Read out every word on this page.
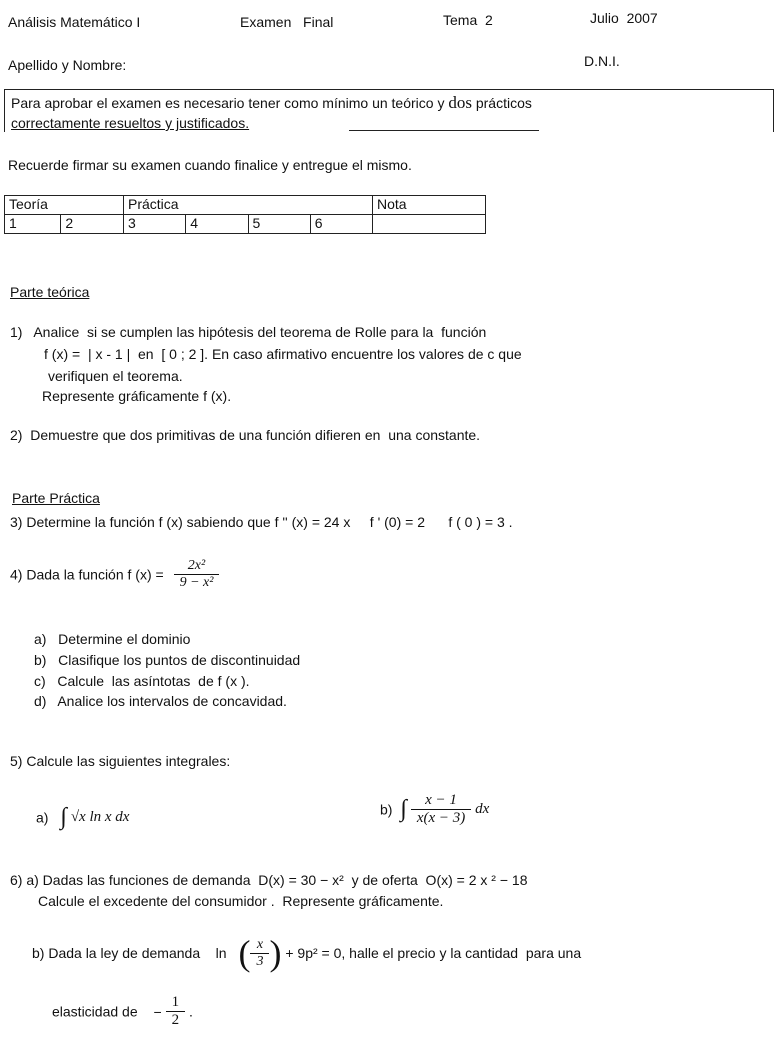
Análisis Matemático I	Examen   Final	Tema  2	Julio  2007
Apellido y Nombre:	D.N.I.
Para aprobar el examen es necesario tener como mínimo un teórico y dos prácticos
correctamente resueltos y justificados.
Recuerde firmar su examen cuando finalice y entregue el mismo.
Teoría		Práctica				Nota
1	2	3	4	5	6	
Parte teórica
1)   Analice  si se cumplen las hipótesis del teorema de Rolle para la  función
f (x) =  | x - 1 |  en  [ 0 ; 2 ]. En caso afirmativo encuentre los valores de c que
verifiquen el teorema.
Represente gráficamente f (x).
2)  Demuestre que dos primitivas de una función difieren en  una constante.
Parte Práctica
3) Determine la función f (x) sabiendo que f '' (x) = 24 x     f ' (0) = 2      f ( 0 ) = 3 .
4) Dada la función f $(x) = \frac{\text{2x²}}{\text{9 − x²}}$
a)   Determine el dominio
b)   Clasifique los puntos de discontinuidad
c)   Calcule  las asíntotas  de f (x ).
d)   Analice los intervalos de concavidad.
5) Calcule las siguientes integrales:
a) ∫ √x ln x dx	b) ∫ $\frac{x - 1}{x(x - 3)}$ dx
6) a) Dadas las funciones de demanda  D(x) = 30 − x²  y de oferta  O(x) = 2 x ² − 18
Calcule el excedente del consumidor .  Represente gráficamente.
b) Dada la ley de demanda    ln ( $\frac{x}{3}$ ) + 9p² = 0, halle el precio y la cantidad  para una
elasticidad de − $\frac{1}{2}$ .
